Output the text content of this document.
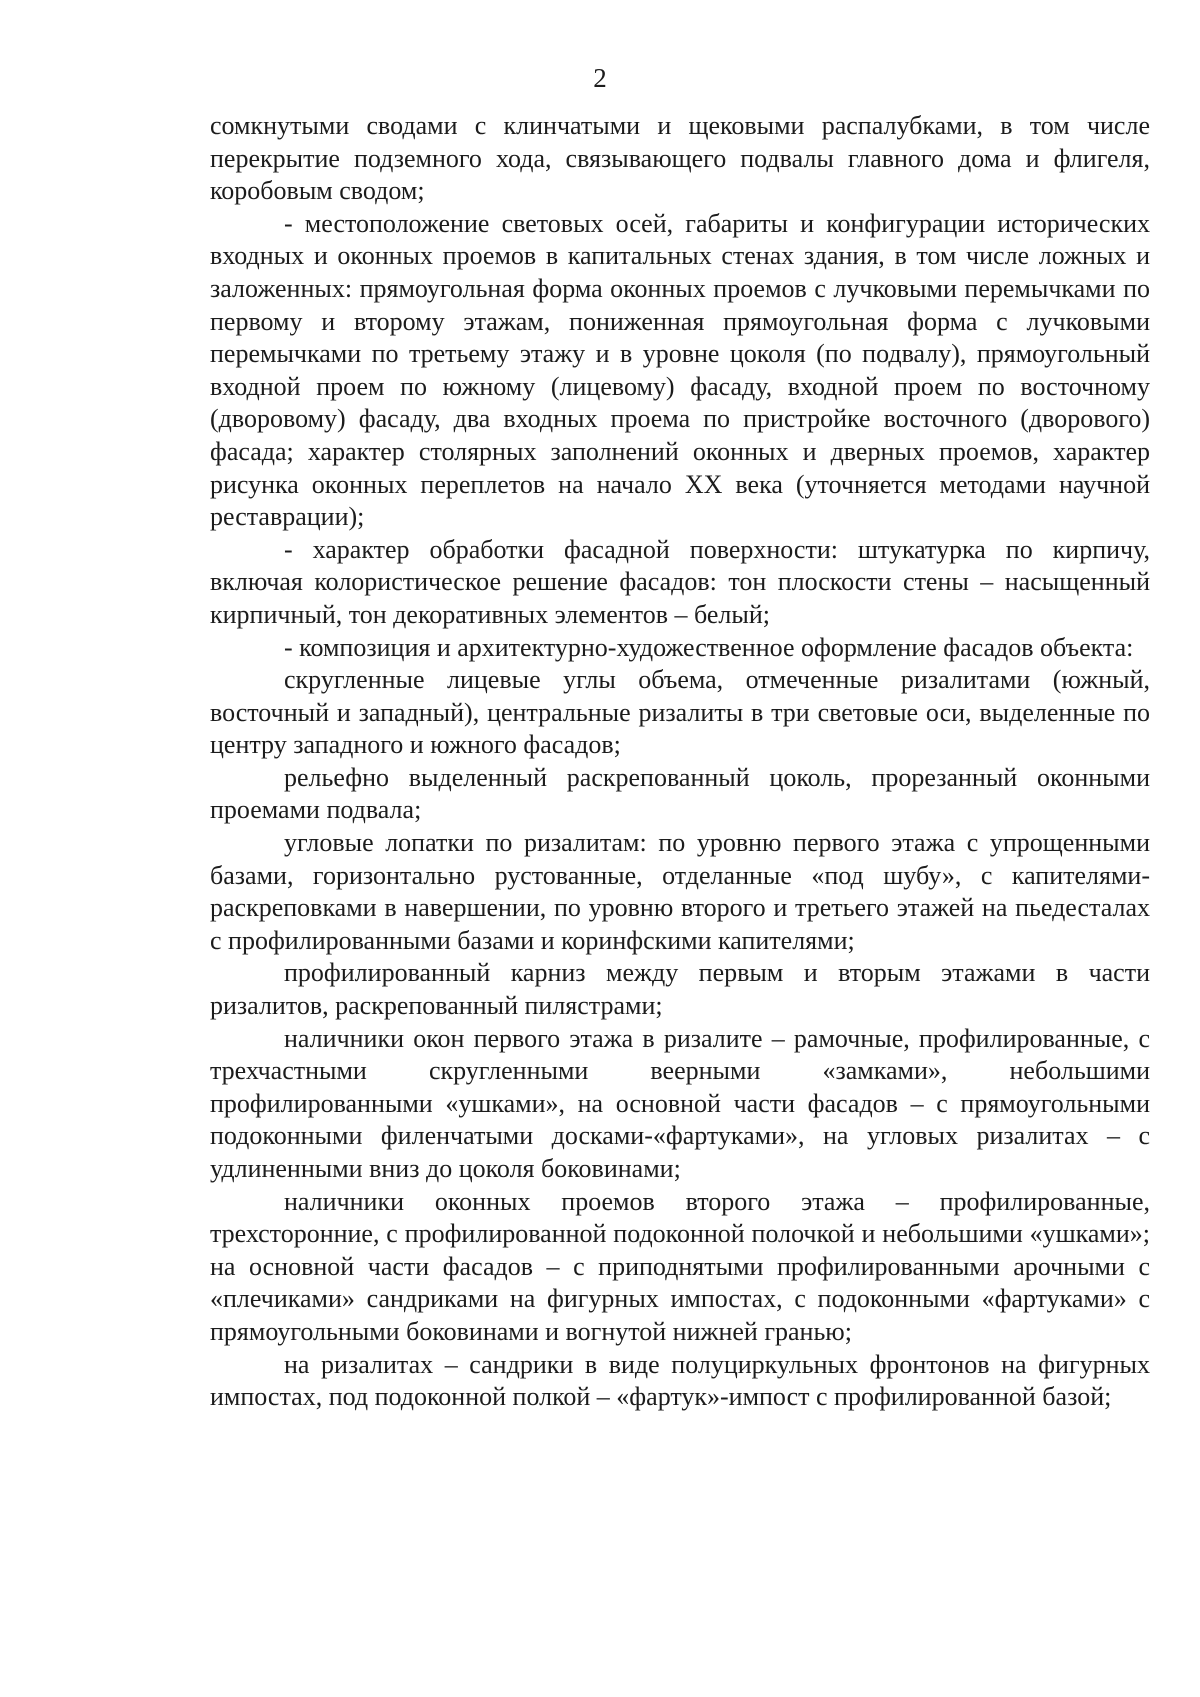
2

сомкнутыми сводами с клинчатыми и щековыми распалубками, в том числе перекрытие подземного хода, связывающего подвалы главного дома и флигеля, коробовым сводом;

- местоположение световых осей, габариты и конфигурации исторических входных и оконных проемов в капитальных стенах здания, в том числе ложных и заложенных: прямоугольная форма оконных проемов с лучковыми перемычками по первому и второму этажам, пониженная прямоугольная форма с лучковыми перемычками по третьему этажу и в уровне цоколя (по подвалу), прямоугольный входной проем по южному (лицевому) фасаду, входной проем по восточному (дворовому) фасаду, два входных проема по пристройке восточного (дворового) фасада; характер столярных заполнений оконных и дверных проемов, характер рисунка оконных переплетов на начало XX века (уточняется методами научной реставрации);

- характер обработки фасадной поверхности: штукатурка по кирпичу, включая колористическое решение фасадов: тон плоскости стены – насыщенный кирпичный, тон декоративных элементов – белый;

- композиция и архитектурно-художественное оформление фасадов объекта:

скругленные лицевые углы объема, отмеченные ризалитами (южный, восточный и западный), центральные ризалиты в три световые оси, выделенные по центру западного и южного фасадов;

рельефно выделенный раскрепованный цоколь, прорезанный оконными проемами подвала;

угловые лопатки по ризалитам: по уровню первого этажа с упрощенными базами, горизонтально рустованные, отделанные «под шубу», с капителями-раскреповками в навершении, по уровню второго и третьего этажей на пьедесталах с профилированными базами и коринфскими капителями;

профилированный карниз между первым и вторым этажами в части ризалитов, раскрепованный пилястрами;

наличники окон первого этажа в ризалите – рамочные, профилированные, с трехчастными скругленными веерными «замками», небольшими профилированными «ушками», на основной части фасадов – с прямоугольными подоконными филенчатыми досками-«фартуками», на угловых ризалитах – с удлиненными вниз до цоколя боковинами;

наличники оконных проемов второго этажа – профилированные, трехсторонние, с профилированной подоконной полочкой и небольшими «ушками»; на основной части фасадов – с приподнятыми профилированными арочными с «плечиками» сандриками на фигурных импостах, с подоконными «фартуками» с прямоугольными боковинами и вогнутой нижней гранью;

на ризалитах – сандрики в виде полуциркульных фронтонов на фигурных импостах, под подоконной полкой – «фартук»-импост с профилированной базой;
